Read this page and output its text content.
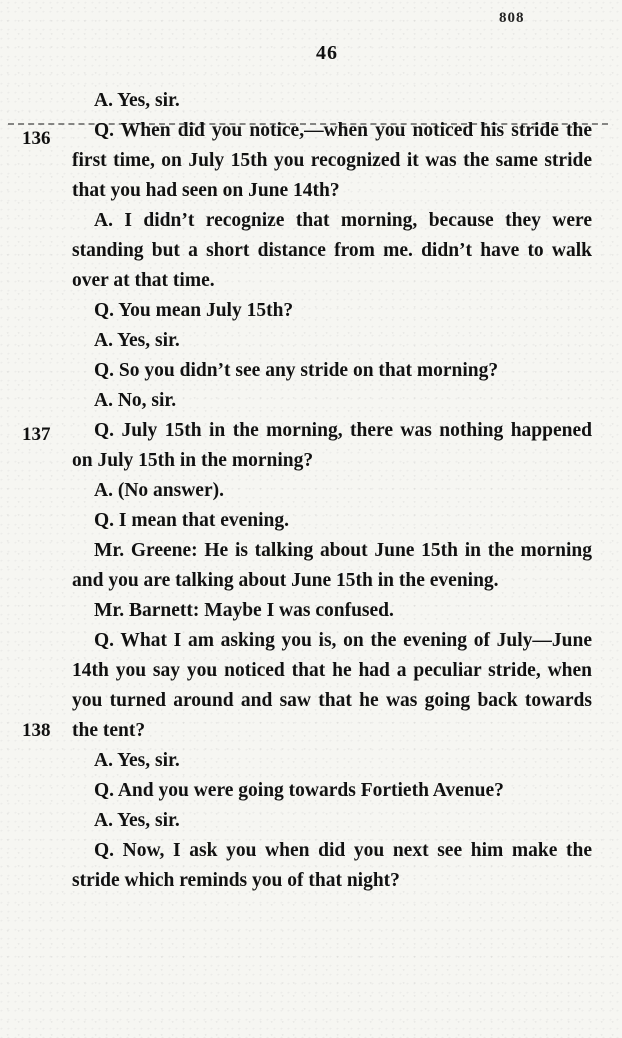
808
46
136
137
138

A. Yes, sir.

Q. When did you notice,—when you noticed his stride the first time, on July 15th you recognized it was the same stride that you had seen on June 14th?

A. I didn’t recognize that morning, because they were standing but a short distance from me. didn’t have to walk over at that time.

Q. You mean July 15th?

A. Yes, sir.

Q. So you didn’t see any stride on that morning?

A. No, sir.

Q. July 15th in the morning, there was nothing happened on July 15th in the morning?

A. (No answer).

Q. I mean that evening.

Mr. Greene: He is talking about June 15th in the morning and you are talking about June 15th in the evening.

Mr. Barnett: Maybe I was confused.

Q. What I am asking you is, on the evening of July—June 14th you say you noticed that he had a peculiar stride, when you turned around and saw that he was going back towards the tent?

A. Yes, sir.

Q. And you were going towards Fortieth Avenue?

A. Yes, sir.

Q. Now, I ask you when did you next see him make the stride which reminds you of that night?
